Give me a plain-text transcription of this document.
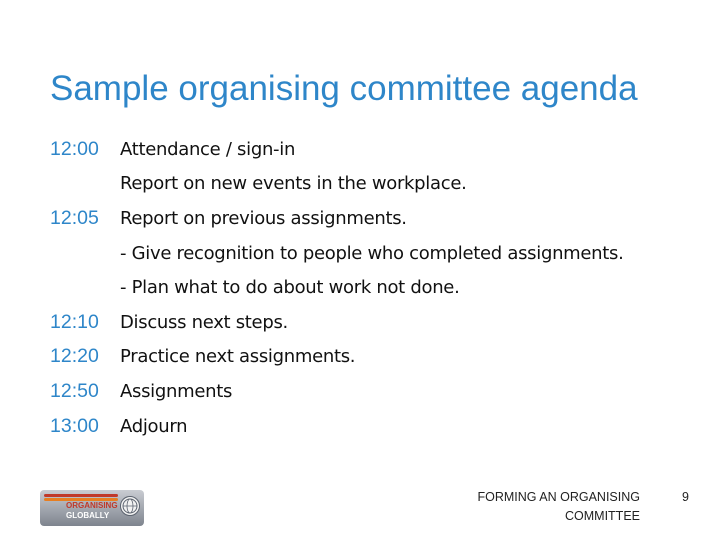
Sample organising committee agenda
12:00	Attendance / sign-in
Report on new events in the workplace.
12:05	Report on previous assignments.
- Give recognition to people who completed assignments.
- Plan what to do about work not done.
12:10	Discuss next steps.
12:20	Practice next assignments.
12:50	Assignments
13:00	Adjourn
ORGANISING
GLOBALLY
FORMING AN ORGANISING
COMMITTEE
9
